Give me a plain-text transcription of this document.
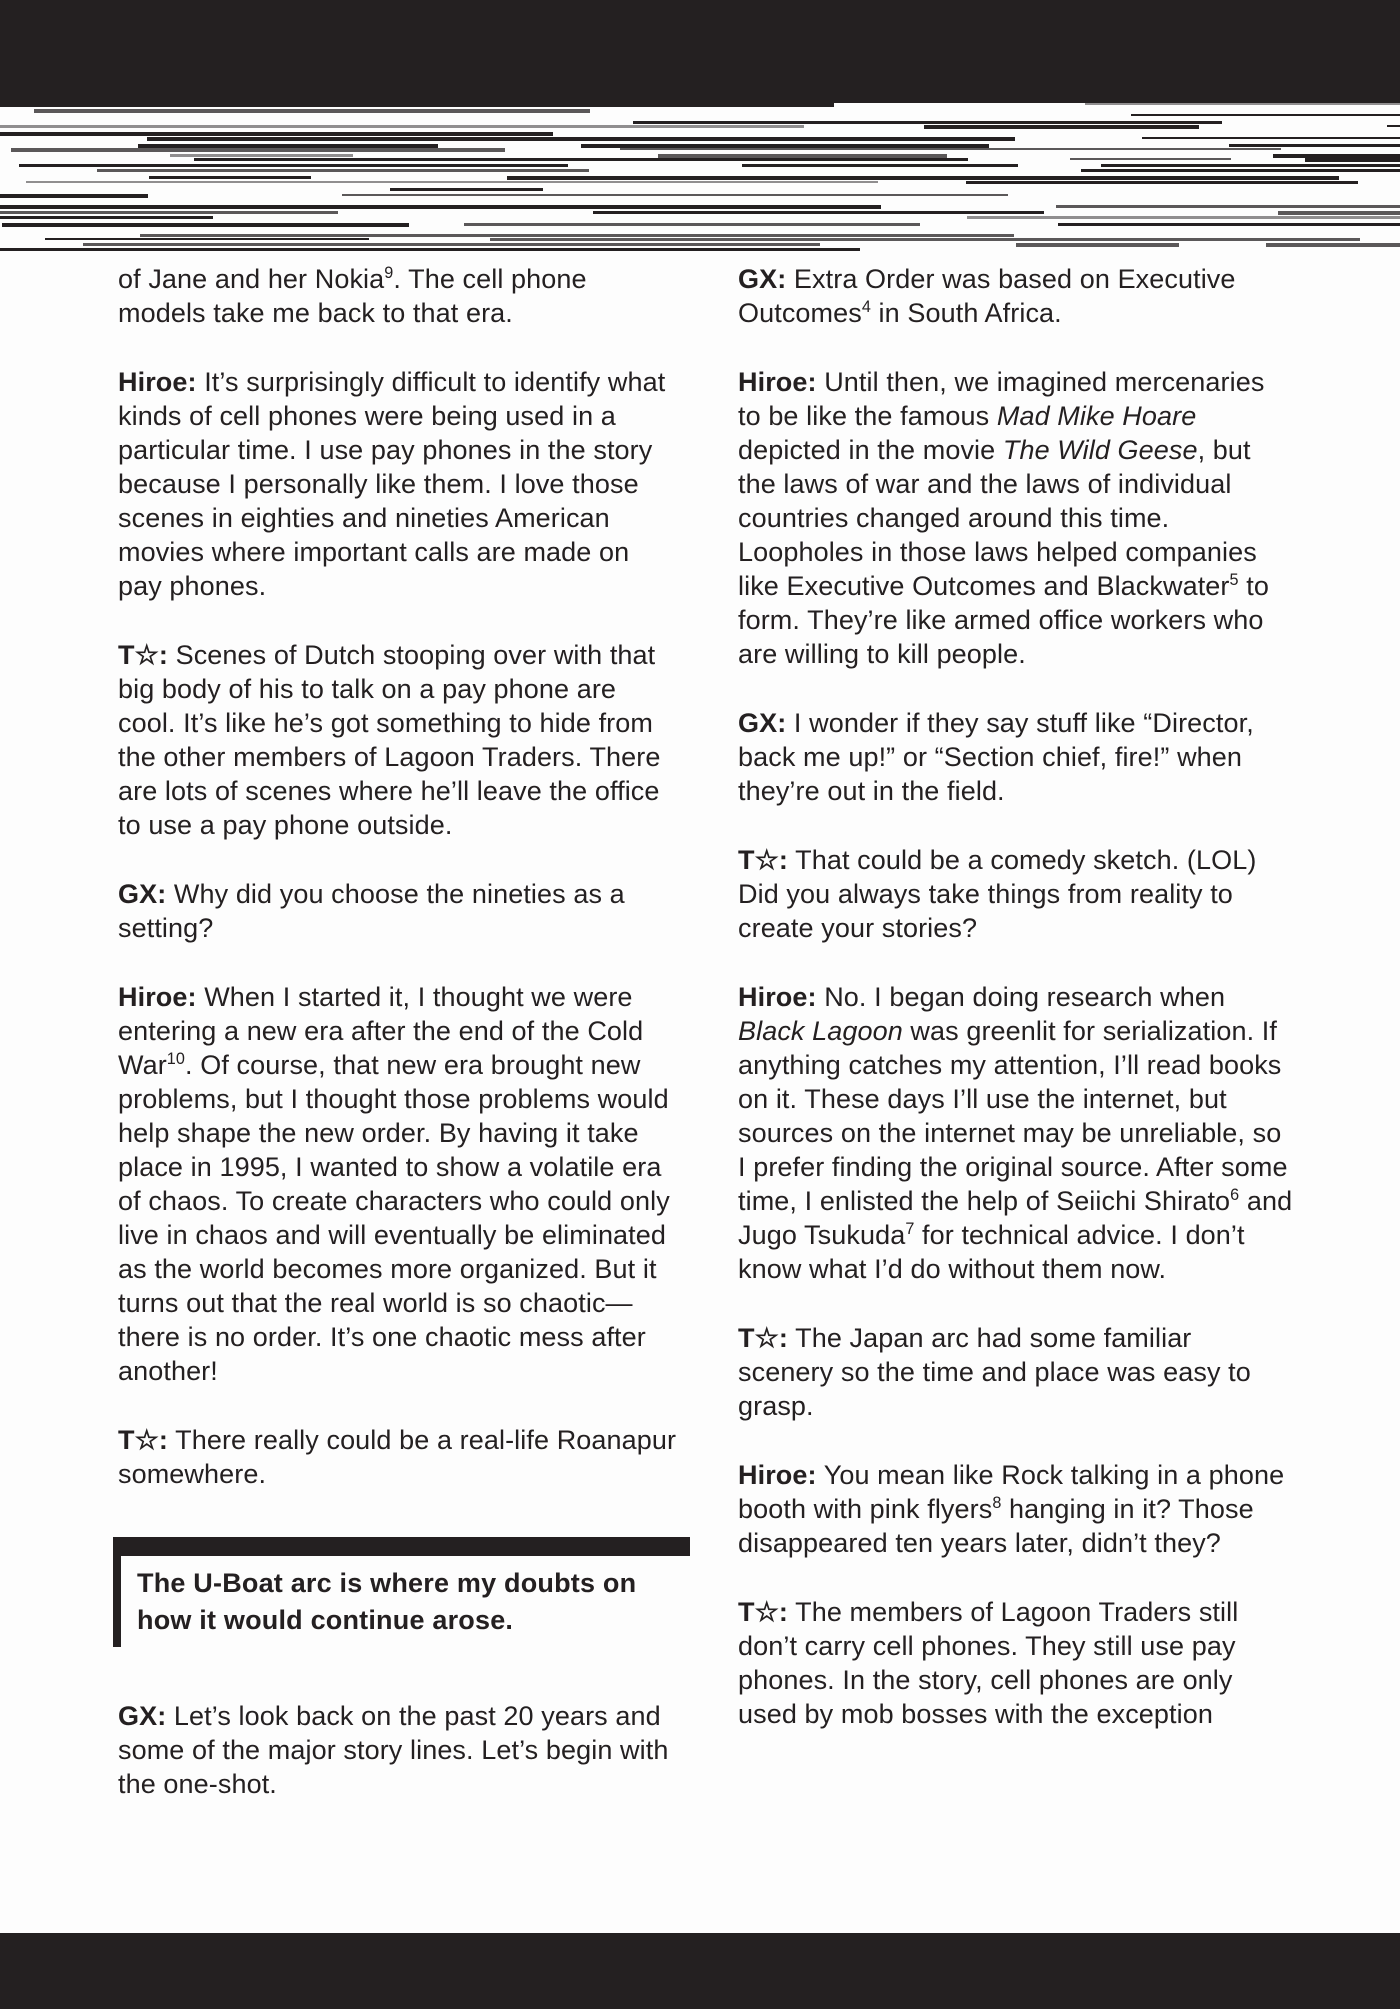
of Jane and her Nokia$^9$. The cell phone models take me back to that era.

Hiroe: It’s surprisingly difficult to identify what kinds of cell phones were being used in a particular time. I use pay phones in the story because I personally like them. I love those scenes in eighties and nineties American movies where important calls are made on pay phones.

T☆: Scenes of Dutch stooping over with that big body of his to talk on a pay phone are cool. It’s like he’s got something to hide from the other members of Lagoon Traders. There are lots of scenes where he’ll leave the office to use a pay phone outside.

GX: Why did you choose the nineties as a setting?

Hiroe: When I started it, I thought we were entering a new era after the end of the Cold War$^{10}$. Of course, that new era brought new problems, but I thought those problems would help shape the new order. By having it take place in 1995, I wanted to show a volatile era of chaos. To create characters who could only live in chaos and will eventually be eliminated as the world becomes more organized. But it turns out that the real world is so chaotic—there is no order. It’s one chaotic mess after another!

T☆: There really could be a real-life Roanapur somewhere.

The U-Boat arc is where my doubts on how it would continue arose.

GX: Let’s look back on the past 20 years and some of the major story lines. Let’s begin with the one-shot.

GX: Extra Order was based on Executive Outcomes$^4$ in South Africa.

Hiroe: Until then, we imagined mercenaries to be like the famous Mad Mike Hoare depicted in the movie The Wild Geese, but the laws of war and the laws of individual countries changed around this time. Loopholes in those laws helped companies like Executive Outcomes and Blackwater$^5$ to form. They’re like armed office workers who are willing to kill people.

GX: I wonder if they say stuff like “Director, back me up!” or “Section chief, fire!” when they’re out in the field.

T☆: That could be a comedy sketch. (LOL) Did you always take things from reality to create your stories?

Hiroe: No. I began doing research when Black Lagoon was greenlit for serialization. If anything catches my attention, I’ll read books on it. These days I’ll use the internet, but sources on the internet may be unreliable, so I prefer finding the original source. After some time, I enlisted the help of Seiichi Shirato$^6$ and Jugo Tsukuda$^7$ for technical advice. I don’t know what I’d do without them now.

T☆: The Japan arc had some familiar scenery so the time and place was easy to grasp.

Hiroe: You mean like Rock talking in a phone booth with pink flyers$^8$ hanging in it? Those disappeared ten years later, didn’t they?

T☆: The members of Lagoon Traders still don’t carry cell phones. They still use pay phones. In the story, cell phones are only used by mob bosses with the exception
